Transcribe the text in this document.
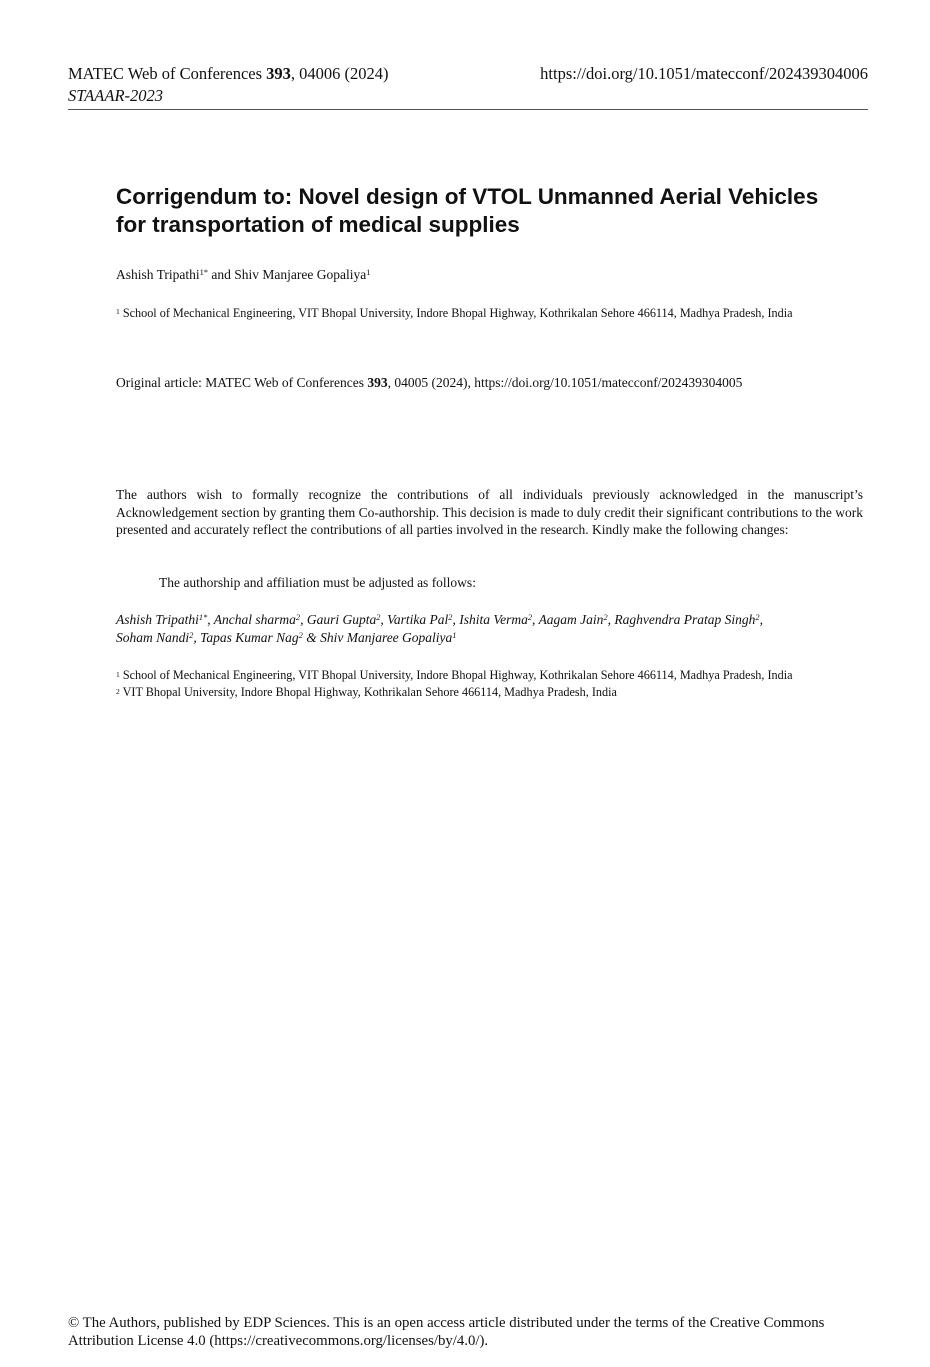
MATEC Web of Conferences 393, 04006 (2024)	https://doi.org/10.1051/matecconf/202439304006
STAAAR-2023
Corrigendum to: Novel design of VTOL Unmanned Aerial Vehicles
for transportation of medical supplies
Ashish Tripathi$^{1*}$ and Shiv Manjaree Gopaliya$^1$
$^1$ School of Mechanical Engineering, VIT Bhopal University, Indore Bhopal Highway, Kothrikalan Sehore 466114, Madhya Pradesh, India
Original article: MATEC Web of Conferences 393, 04005 (2024), https://doi.org/10.1051/matecconf/202439304005
The authors wish to formally recognize the contributions of all individuals previously acknowledged in the manuscript’s Acknowledgement section by granting them Co-authorship. This decision is made to duly credit their significant contributions to the work presented and accurately reflect the contributions of all parties involved in the research. Kindly make the following changes:
The authorship and affiliation must be adjusted as follows:
Ashish Tripathi$^{1*}$, Anchal sharma$^2$, Gauri Gupta$^2$, Vartika Pal$^2$, Ishita Verma$^2$, Aagam Jain$^2$, Raghvendra Pratap Singh$^2$,
Soham Nandi$^2$, Tapas Kumar Nag$^2$ & Shiv Manjaree Gopaliya$^1$
$^1$ School of Mechanical Engineering, VIT Bhopal University, Indore Bhopal Highway, Kothrikalan Sehore 466114, Madhya Pradesh, India
$^2$ VIT Bhopal University, Indore Bhopal Highway, Kothrikalan Sehore 466114, Madhya Pradesh, India
© The Authors, published by EDP Sciences. This is an open access article distributed under the terms of the Creative Commons
Attribution License 4.0 (https://creativecommons.org/licenses/by/4.0/).
